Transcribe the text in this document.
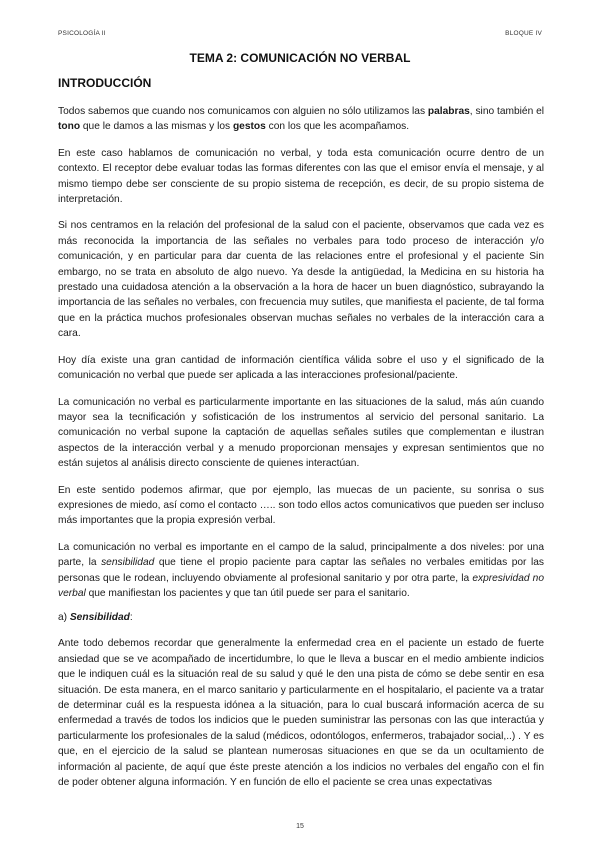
PSICOLOGÍA II	BLOQUE IV
TEMA 2: COMUNICACIÓN NO VERBAL
INTRODUCCIÓN

Todos sabemos que cuando nos comunicamos con alguien no sólo utilizamos las palabras, sino también el tono que le damos a las mismas y los gestos con los que les acompañamos.

En este caso hablamos de comunicación no verbal, y toda esta comunicación ocurre dentro de un contexto. El receptor debe evaluar todas las formas diferentes con las que el emisor envía el mensaje, y al mismo tiempo debe ser consciente de su propio sistema de recepción, es decir, de su propio sistema de interpretación.

Si nos centramos en la relación del profesional de la salud con el paciente, observamos que cada vez es más reconocida la importancia de las señales no verbales para todo proceso de interacción y/o comunicación, y en particular para dar cuenta de las relaciones entre el profesional y el paciente Sin embargo, no se trata en absoluto de algo nuevo. Ya desde la antigüedad, la Medicina en su historia ha prestado una cuidadosa atención a la observación a la hora de hacer un buen diagnóstico, subrayando la importancia de las señales no verbales, con frecuencia muy sutiles, que manifiesta el paciente, de tal forma que en la práctica muchos profesionales observan muchas señales no verbales de la interacción cara a cara.

Hoy día existe una gran cantidad de información científica válida sobre el uso y el significado de la comunicación no verbal que puede ser aplicada a las interacciones profesional/paciente.

La comunicación no verbal es particularmente importante en las situaciones de la salud, más aún cuando mayor sea la tecnificación y sofisticación de los instrumentos al servicio del personal sanitario. La comunicación no verbal supone la captación de aquellas señales sutiles que complementan e ilustran aspectos de la interacción verbal y a menudo proporcionan mensajes y expresan sentimientos que no están sujetos al análisis directo consciente de quienes interactúan.

En este sentido podemos afirmar, que por ejemplo, las muecas de un paciente, su sonrisa o sus expresiones de miedo, así como el contacto ….. son todo ellos actos comunicativos que pueden ser incluso más importantes que la propia expresión verbal.

La comunicación no verbal es importante en el campo de la salud, principalmente a dos niveles: por una parte, la sensibilidad que tiene el propio paciente para captar las señales no verbales emitidas por las personas que le rodean, incluyendo obviamente al profesional sanitario y por otra parte, la expresividad no verbal que manifiestan los pacientes y que tan útil puede ser para el sanitario.

a) Sensibilidad:

Ante todo debemos recordar que generalmente la enfermedad crea en el paciente un estado de fuerte ansiedad que se ve acompañado de incertidumbre, lo que le lleva a buscar en el medio ambiente indicios que le indiquen cuál es la situación real de su salud y qué le den una pista de cómo se debe sentir en esa situación. De esta manera, en el marco sanitario y particularmente en el hospitalario, el paciente va a tratar de determinar cuál es la respuesta idónea a la situación, para lo cual buscará información acerca de su enfermedad a través de todos los indicios que le pueden suministrar las personas con las que interactúa y particularmente los profesionales de la salud (médicos, odontólogos, enfermeros, trabajador social,..) . Y es que, en el ejercicio de la salud se plantean numerosas situaciones en que se da un ocultamiento de información al paciente, de aquí que éste preste atención a los indicios no verbales del engaño con el fin de poder obtener alguna información. Y en función de ello el paciente se crea unas expectativas

15
